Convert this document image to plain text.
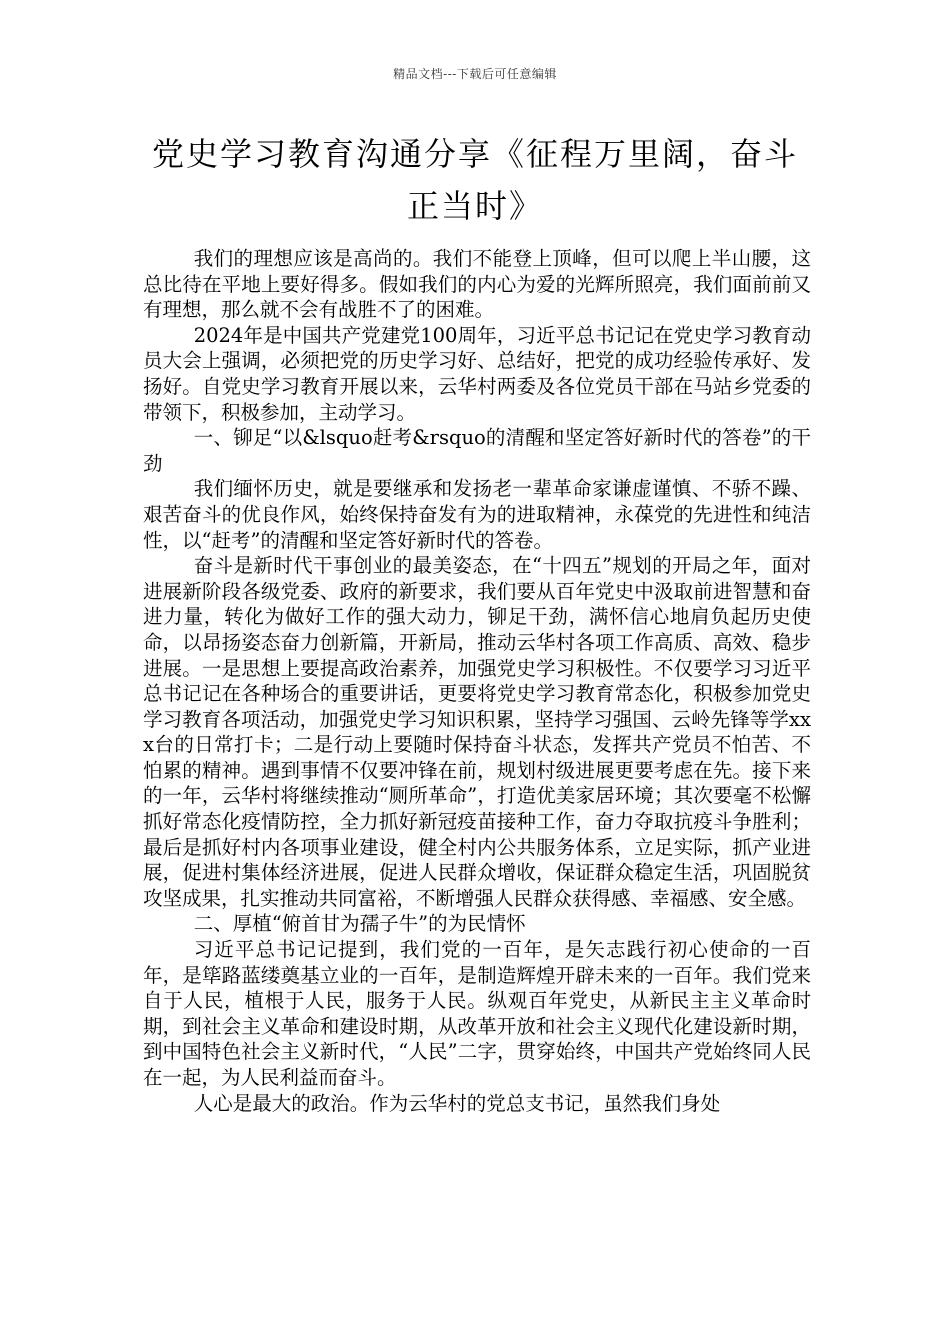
精品文档---下载后可任意编辑
党史学习教育沟通分享《征程万里阔，奋斗正当时》

我们的理想应该是高尚的。我们不能登上顶峰，但可以爬上半山腰，这总比待在平地上要好得多。假如我们的内心为爱的光辉所照亮，我们面前前又有理想，那么就不会有战胜不了的困难。

2024年是中国共产党建党100周年，习近平总书记记在党史学习教育动员大会上强调，必须把党的历史学习好、总结好，把党的成功经验传承好、发扬好。自党史学习教育开展以来，云华村两委及各位党员干部在马站乡党委的带领下，积极参加，主动学习。

一、铆足“以&lsquo赶考&rsquo的清醒和坚定答好新时代的答卷”的干劲

我们缅怀历史，就是要继承和发扬老一辈革命家谦虚谨慎、不骄不躁、艰苦奋斗的优良作风，始终保持奋发有为的进取精神，永葆党的先进性和纯洁性，以“赶考”的清醒和坚定答好新时代的答卷。

奋斗是新时代干事创业的最美姿态，在“十四五”规划的开局之年，面对进展新阶段各级党委、政府的新要求，我们要从百年党史中汲取前进智慧和奋进力量，转化为做好工作的强大动力，铆足干劲，满怀信心地肩负起历史使命，以昂扬姿态奋力创新篇，开新局，推动云华村各项工作高质、高效、稳步进展。一是思想上要提高政治素养，加强党史学习积极性。不仅要学习习近平总书记记在各种场合的重要讲话，更要将党史学习教育常态化，积极参加党史学习教育各项活动，加强党史学习知识积累，坚持学习强国、云岭先锋等学xxx台的日常打卡；二是行动上要随时保持奋斗状态，发挥共产党员不怕苦、不怕累的精神。遇到事情不仅要冲锋在前，规划村级进展更要考虑在先。接下来的一年，云华村将继续推动“厕所革命”，打造优美家居环境；其次要毫不松懈抓好常态化疫情防控，全力抓好新冠疫苗接种工作，奋力夺取抗疫斗争胜利；最后是抓好村内各项事业建设，健全村内公共服务体系，立足实际，抓产业进展，促进村集体经济进展，促进人民群众增收，保证群众稳定生活，巩固脱贫攻坚成果，扎实推动共同富裕，不断增强人民群众获得感、幸福感、安全感。

二、厚植“俯首甘为孺子牛”的为民情怀

习近平总书记记提到，我们党的一百年，是矢志践行初心使命的一百年，是筚路蓝缕奠基立业的一百年，是制造辉煌开辟未来的一百年。我们党来自于人民，植根于人民，服务于人民。纵观百年党史，从新民主主义革命时期，到社会主义革命和建设时期，从改革开放和社会主义现代化建设新时期，到中国特色社会主义新时代，“人民”二字，贯穿始终，中国共产党始终同人民在一起，为人民利益而奋斗。

人心是最大的政治。作为云华村的党总支书记，虽然我们身处
